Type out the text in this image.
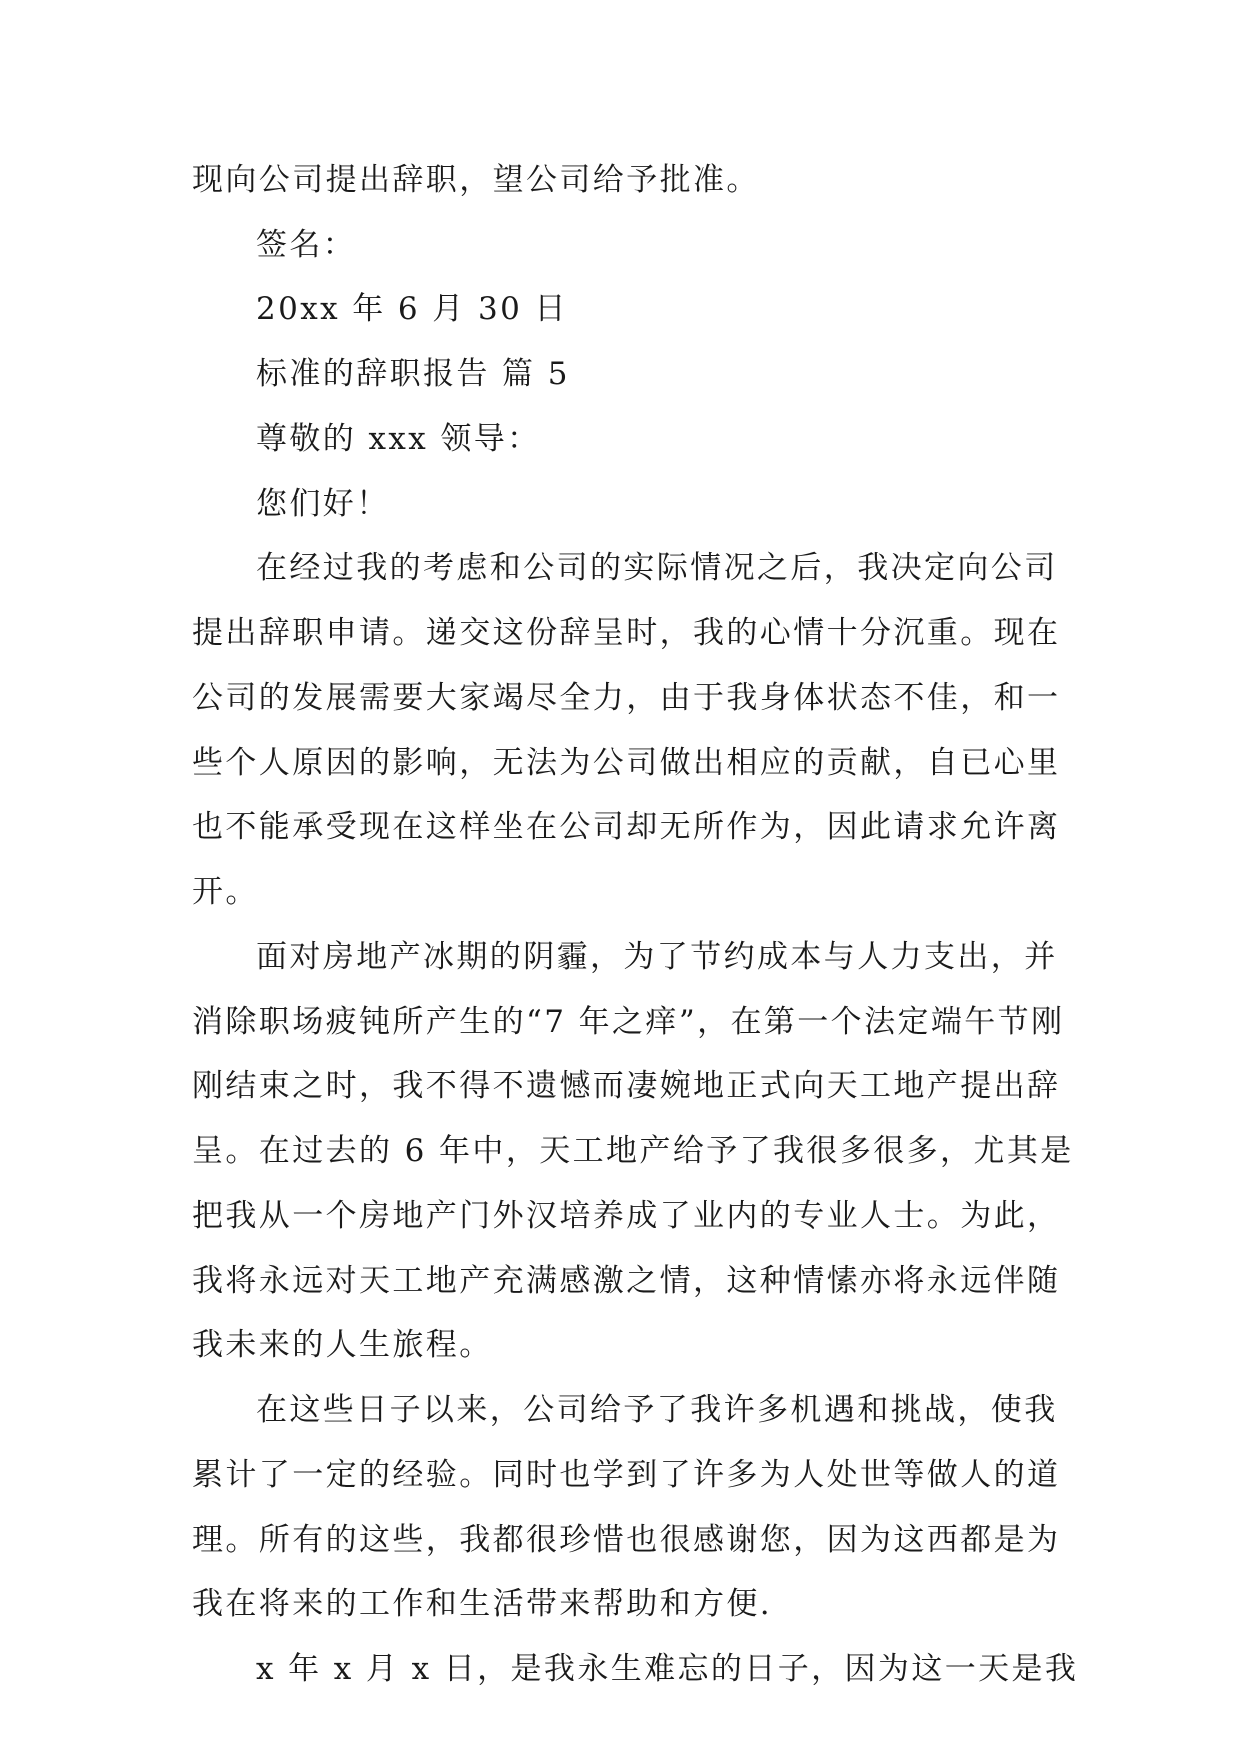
现向公司提出辞职，望公司给予批准。
签名：
20xx 年 6 月 30 日
标准的辞职报告 篇 5
尊敬的 xxx 领导：
您们好！
在经过我的考虑和公司的实际情况之后，我决定向公司
提出辞职申请。递交这份辞呈时，我的心情十分沉重。现在
公司的发展需要大家竭尽全力，由于我身体状态不佳，和一
些个人原因的影响，无法为公司做出相应的贡献，自已心里
也不能承受现在这样坐在公司却无所作为，因此请求允许离
开。
面对房地产冰期的阴霾，为了节约成本与人力支出，并
消除职场疲钝所产生的“7 年之痒”，在第一个法定端午节刚
刚结束之时，我不得不遗憾而凄婉地正式向天工地产提出辞
呈。在过去的 6 年中，天工地产给予了我很多很多，尤其是
把我从一个房地产门外汉培养成了业内的专业人士。为此，
我将永远对天工地产充满感激之情，这种情愫亦将永远伴随
我未来的人生旅程。
在这些日子以来，公司给予了我许多机遇和挑战，使我
累计了一定的经验。同时也学到了许多为人处世等做人的道
理。所有的这些，我都很珍惜也很感谢您，因为这西都是为
我在将来的工作和生活带来帮助和方便.
x 年 x 月 x 日，是我永生难忘的日子，因为这一天是我
